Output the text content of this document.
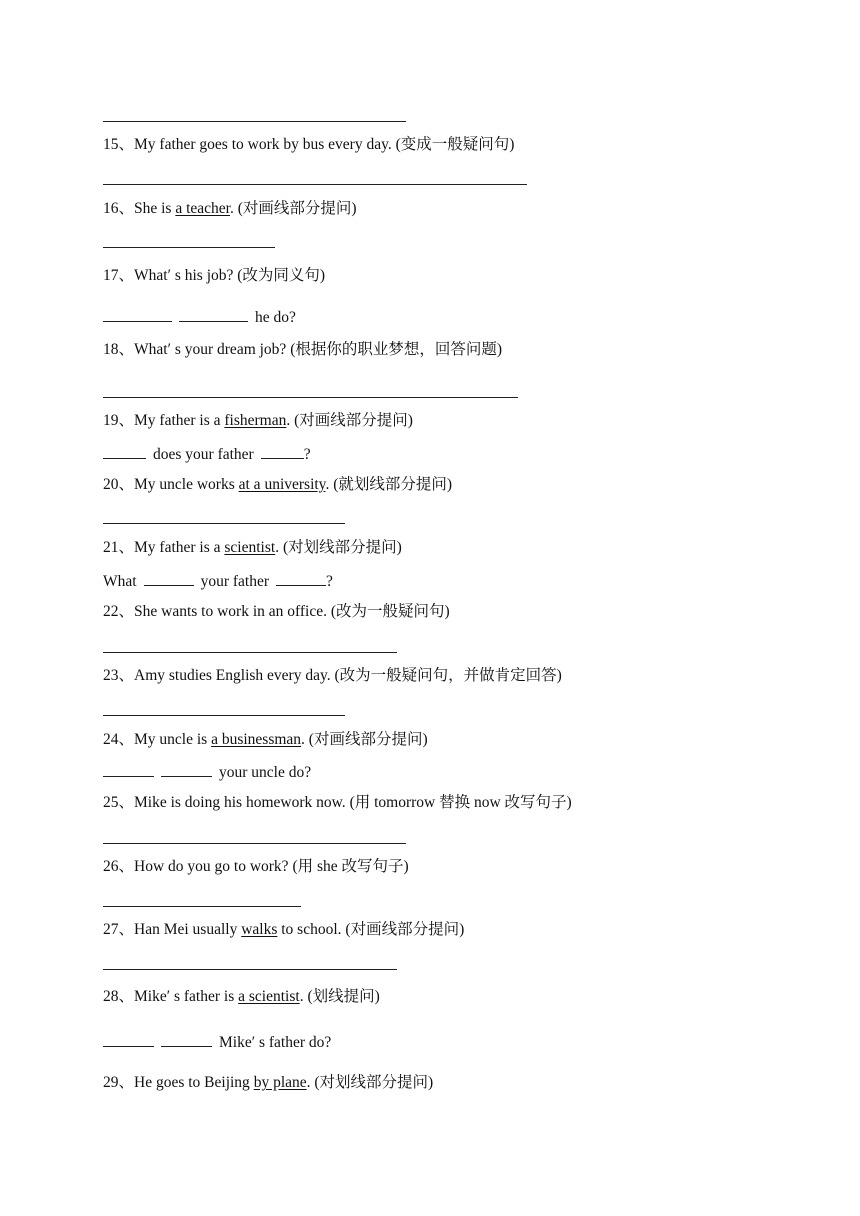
15、My father goes to work by bus every day. (变成一般疑问句)
16、She is a teacher. (对画线部分提问)
17、What′ s his job? (改为同义句)
he do?
18、What′ s your dream job? (根据你的职业梦想，回答问题)
19、My father is a fisherman. (对画线部分提问)
does your father	?
20、My uncle works at a university. (就划线部分提问)
21、My father is a scientist. (对划线部分提问)
What	your father	?
22、She wants to work in an office. (改为一般疑问句)
23、Amy studies English every day. (改为一般疑问句，并做肯定回答)
24、My uncle is a businessman. (对画线部分提问)
your uncle do?
25、Mike is doing his homework now. (用 tomorrow 替换 now 改写句子)
26、How do you go to work? (用 she 改写句子)
27、Han Mei usually walks to school. (对画线部分提问)
28、Mike′ s father is a scientist. (划线提问)
Mike′ s father do?
29、He goes to Beijing by plane. (对划线部分提问)
